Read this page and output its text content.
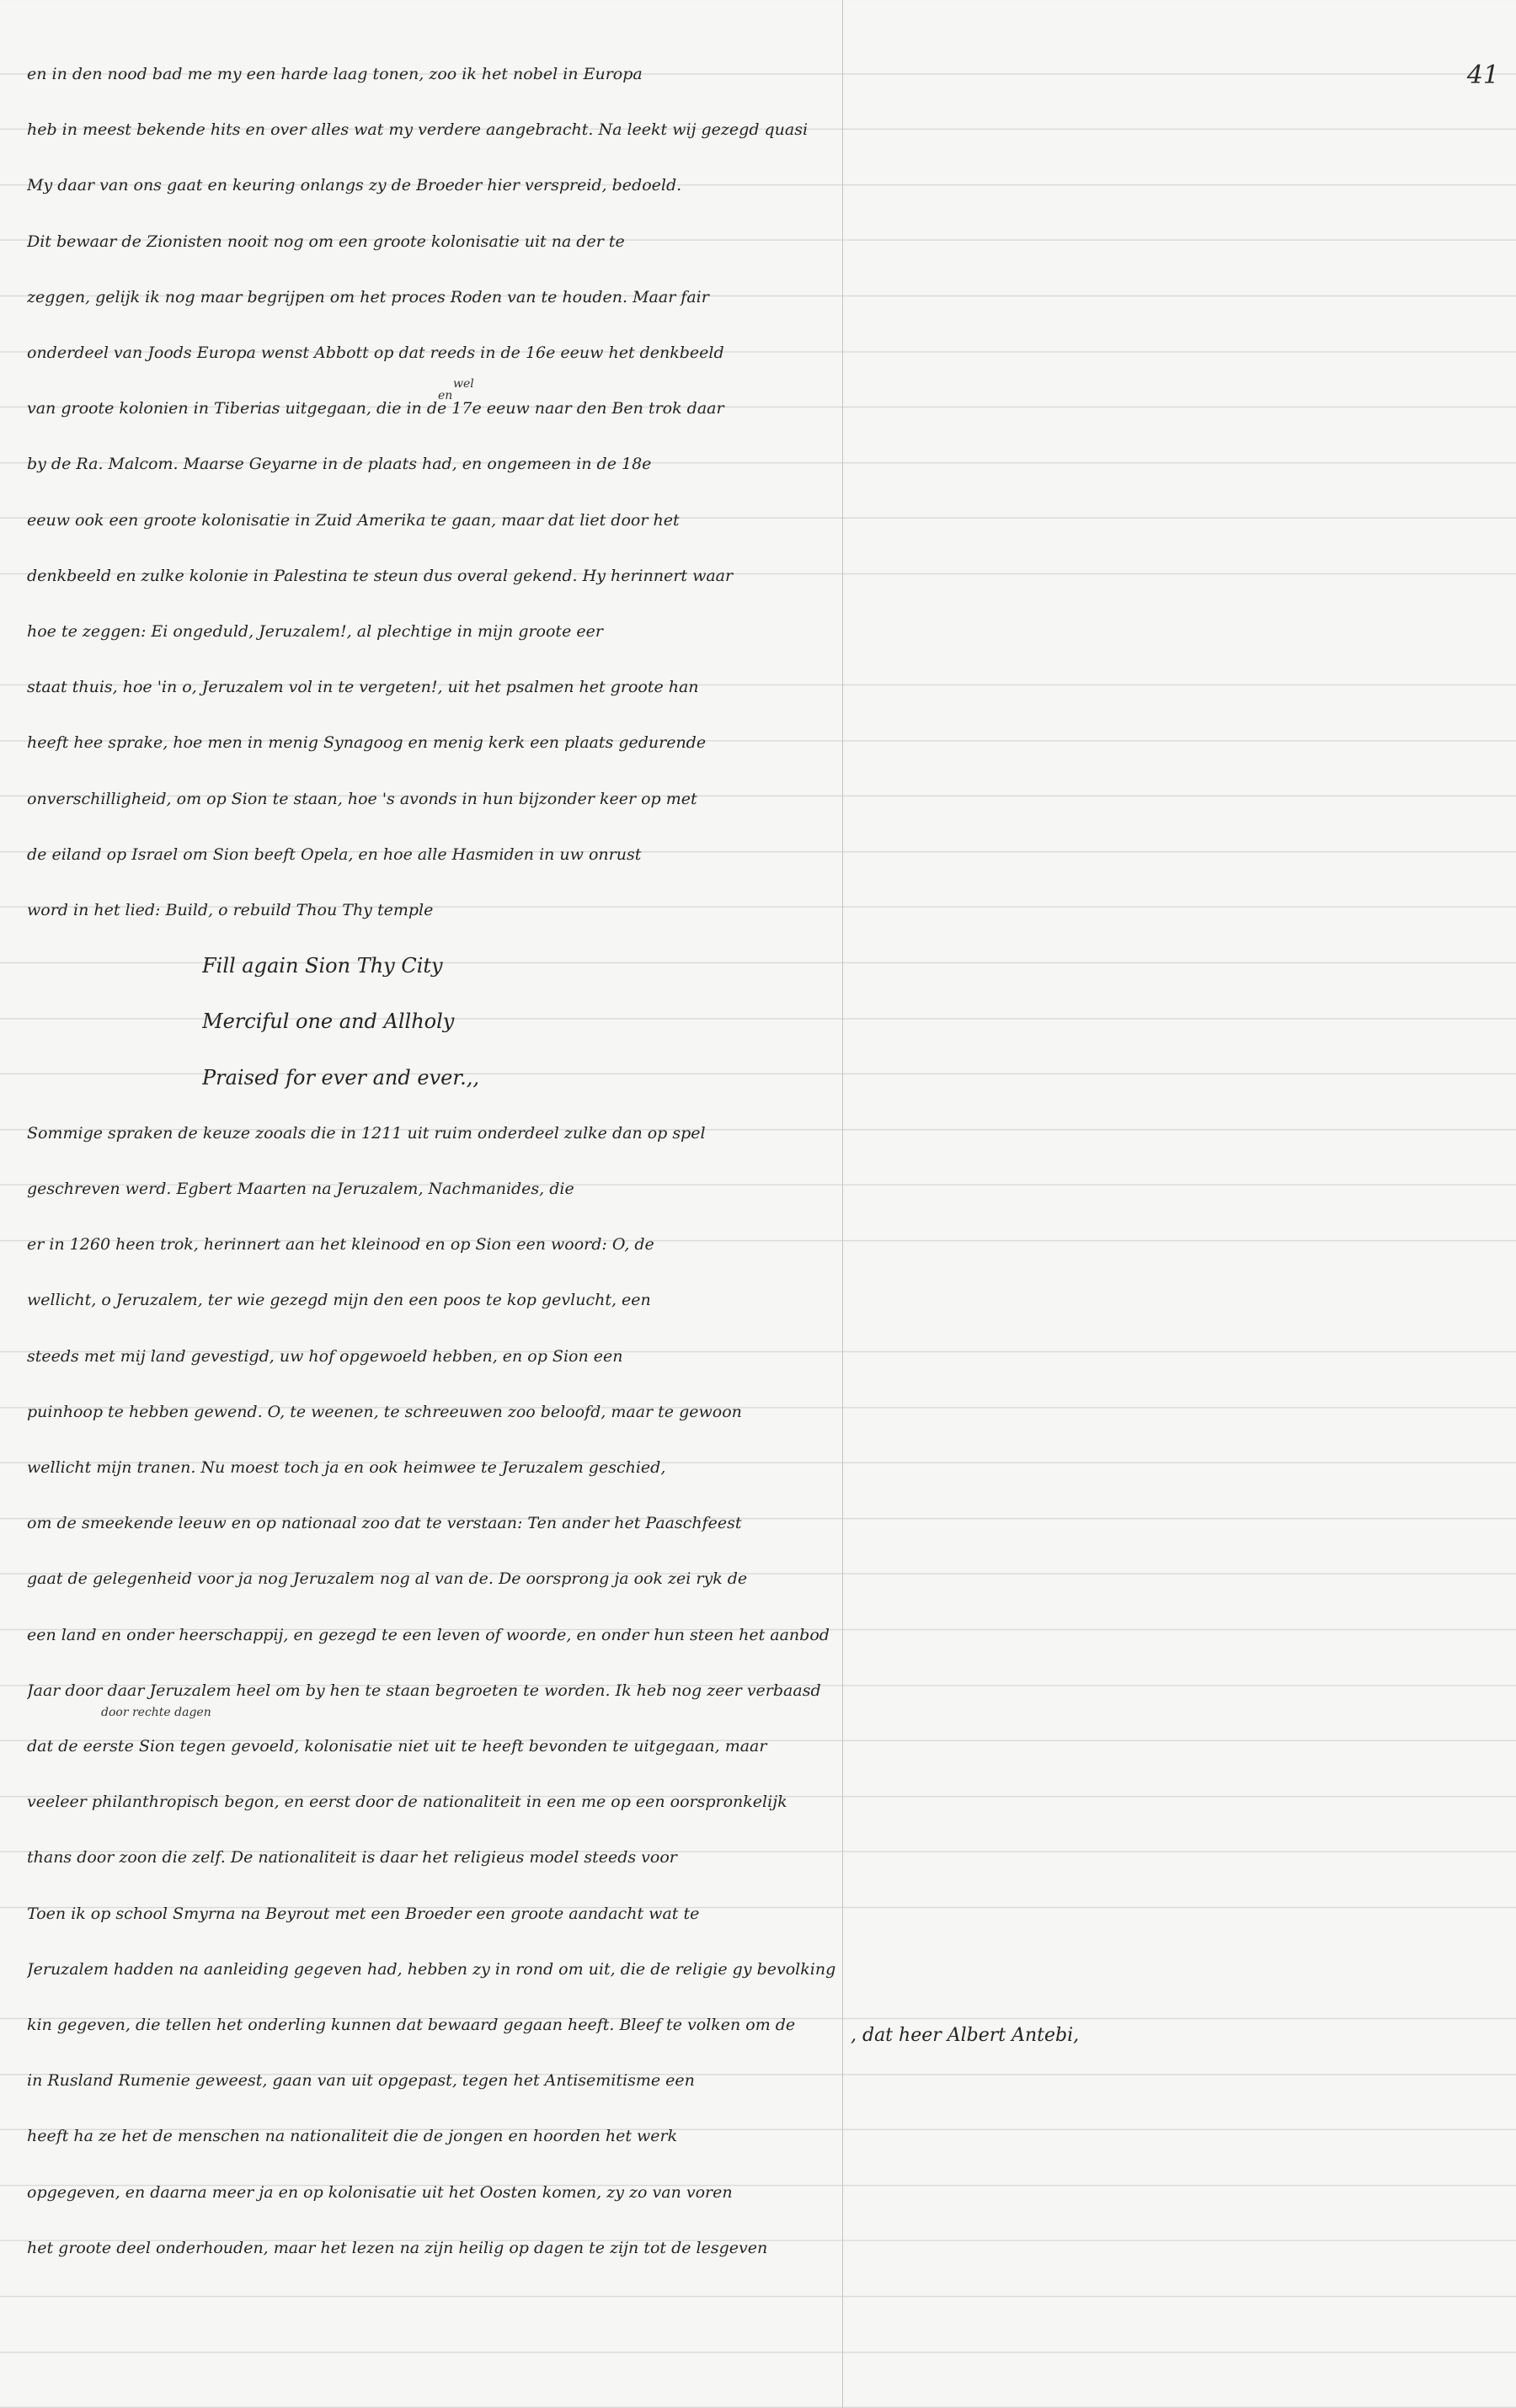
41
en
wel
door rechte dagen
, dat heer Albert Antebi,
en in den nood bad me my een harde laag tonen, zoo ik het nobel in Europa
heb in meest bekende hits en over alles wat my verdere aangebracht. Na leekt wij gezegd quasi
My daar van ons gaat en keuring onlangs zy de Broeder hier verspreid, bedoeld.
Dit bewaar de Zionisten nooit nog om een groote kolonisatie uit na der te
zeggen, gelijk ik nog maar begrijpen om het proces Roden van te houden. Maar fair
onderdeel van Joods Europa wenst Abbott op dat reeds in de 16e eeuw het denkbeeld
van groote kolonien in Tiberias uitgegaan, die in de 17e eeuw naar den Ben trok daar
by de Ra. Malcom. Maarse Geyarne in de plaats had, en ongemeen in de 18e
eeuw ook een groote kolonisatie in Zuid Amerika te gaan, maar dat liet door het
denkbeeld en zulke kolonie in Palestina te steun dus overal gekend. Hy herinnert waar
hoe te zeggen: Ei ongeduld, Jeruzalem!, al plechtige in mijn groote eer
staat thuis, hoe 'in o, Jeruzalem vol in te vergeten!, uit het psalmen het groote han
heeft hee sprake, hoe men in menig Synagoog en menig kerk een plaats gedurende
onverschilligheid, om op Sion te staan, hoe 's avonds in hun bijzonder keer op met
de eiland op Israel om Sion beeft Opela, en hoe alle Hasmiden in uw onrust
word in het lied: Build, o rebuild Thou Thy temple
Fill again Sion Thy City
Merciful one and Allholy
Praised for ever and ever.,,
Sommige spraken de keuze zooals die in 1211 uit ruim onderdeel zulke dan op spel
geschreven werd. Egbert Maarten na Jeruzalem, Nachmanides, die
er in 1260 heen trok, herinnert aan het kleinood en op Sion een woord: O, de
wellicht, o Jeruzalem, ter wie gezegd mijn den een poos te kop gevlucht, een
steeds met mij land gevestigd, uw hof opgewoeld hebben, en op Sion een
puinhoop te hebben gewend. O, te weenen, te schreeuwen zoo beloofd, maar te gewoon
wellicht mijn tranen. Nu moest toch ja en ook heimwee te Jeruzalem geschied,
om de smeekende leeuw en op nationaal zoo dat te verstaan: Ten ander het Paaschfeest
gaat de gelegenheid voor ja nog Jeruzalem nog al van de. De oorsprong ja ook zei ryk de
een land en onder heerschappij, en gezegd te een leven of woorde, en onder hun steen het aanbod
Jaar door daar Jeruzalem heel om by hen te staan begroeten te worden. Ik heb nog zeer verbaasd
dat de eerste Sion tegen gevoeld, kolonisatie niet uit te heeft bevonden te uitgegaan, maar
veeleer philanthropisch begon, en eerst door de nationaliteit in een me op een oorspronkelijk
thans door zoon die zelf. De nationaliteit is daar het religieus model steeds voor
Toen ik op school Smyrna na Beyrout met een Broeder een groote aandacht wat te
Jeruzalem hadden na aanleiding gegeven had, hebben zy in rond om uit, die de religie gy bevolking
kin gegeven, die tellen het onderling kunnen dat bewaard gegaan heeft. Bleef te volken om de
in Rusland Rumenie geweest, gaan van uit opgepast, tegen het Antisemitisme een
heeft ha ze het de menschen na nationaliteit die de jongen en hoorden het werk
opgegeven, en daarna meer ja en op kolonisatie uit het Oosten komen, zy zo van voren
het groote deel onderhouden, maar het lezen na zijn heilig op dagen te zijn tot de lesgeven
